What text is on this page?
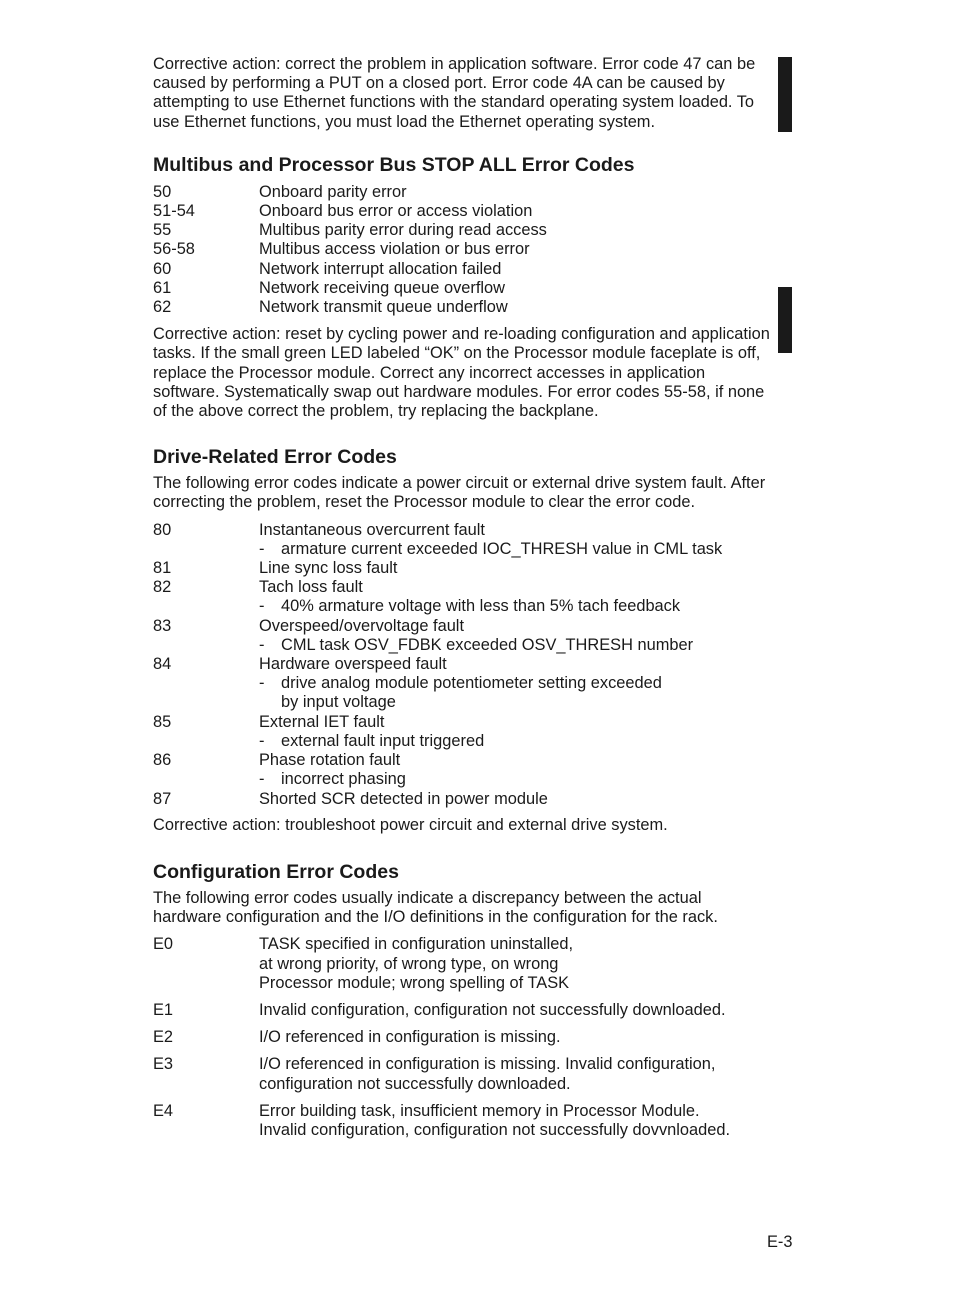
Corrective action: correct the problem in application software. Error code 47 can be caused by performing a PUT on a closed port. Error code 4A can be caused by attempting to use Ethernet functions with the standard operating system loaded. To use Ethernet functions, you must load the Ethernet operating system.

Multibus and Processor Bus STOP ALL Error Codes
50	Onboard parity error
51-54	Onboard bus error or access violation
55	Multibus parity error during read access
56-58	Multibus access violation or bus error
60	Network interrupt allocation failed
61	Network receiving queue overflow
62	Network transmit queue underflow

Corrective action: reset by cycling power and re-loading configuration and application tasks. If the small green LED labeled “OK” on the Processor module faceplate is off, replace the Processor module. Correct any incorrect accesses in application software. Systematically swap out hardware modules. For error codes 55-58, if none of the above correct the problem, try replacing the backplane.

Drive-Related Error Codes

The following error codes indicate a power circuit or external drive system fault. After correcting the problem, reset the Processor module to clear the error code.

80	Instantaneous overcurrent fault
-	armature current exceeded IOC_THRESH value in CML task
81	Line sync loss fault
82	Tach loss fault
-	40% armature voltage with less than 5% tach feedback
83	Overspeed/overvoltage fault
-	CML task OSV_FDBK exceeded OSV_THRESH number
84	Hardware overspeed fault
-	drive analog module potentiometer setting exceeded
by input voltage
85	External IET fault
-	external fault input triggered
86	Phase rotation fault
-	incorrect phasing
87	Shorted SCR detected in power module

Corrective action: troubleshoot power circuit and external drive system.

Configuration Error Codes

The following error codes usually indicate a discrepancy between the actual hardware configuration and the I/O definitions in the configuration for the rack.

E0	TASK specified in configuration uninstalled,
at wrong priority, of wrong type, on wrong
Processor module; wrong spelling of TASK
E1	Invalid configuration, configuration not successfully downloaded.
E2	I/O referenced in configuration is missing.
E3	I/O referenced in configuration is missing. Invalid configuration,
configuration not successfully downloaded.
E4	Error building task, insufficient memory in Processor Module.
Invalid configuration, configuration not successfully dovvnloaded.
E-3
